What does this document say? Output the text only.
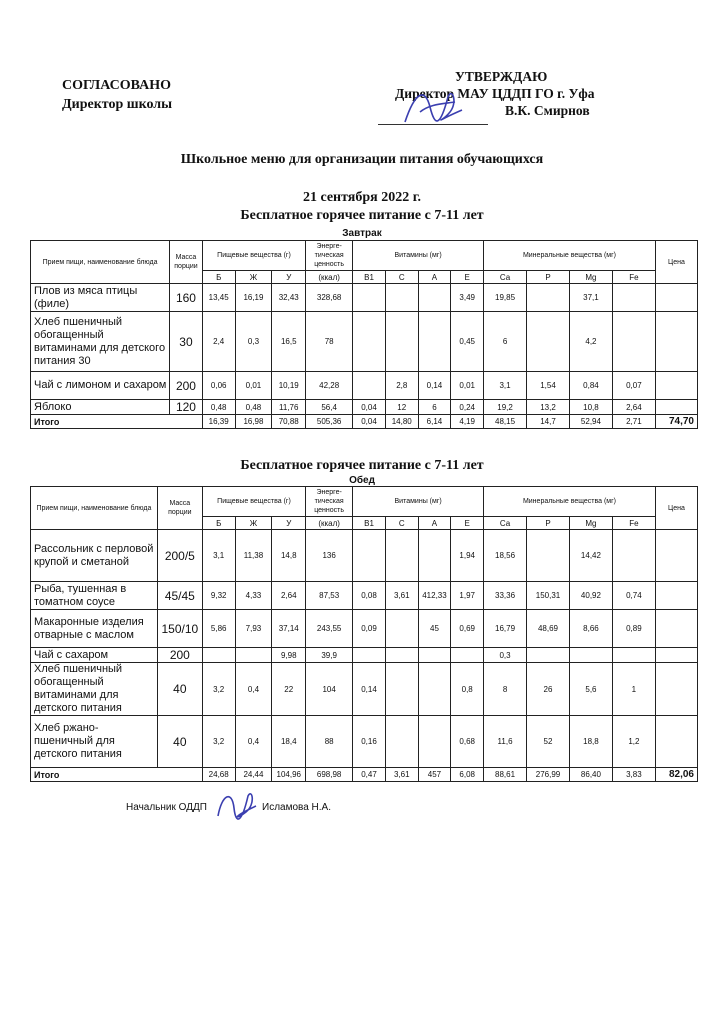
СОГЛАСОВАНО
Директор школы
УТВЕРЖДАЮ
Директор МАУ ЦДДП ГО г. Уфа
В.К. Смирнов
Школьное меню для организации питания обучающихся
21 сентября 2022 г.
Бесплатное горячее питание с 7-11 лет
Завтрак
Прием пищи, наименование блюда	Масса порции	Пищевые вещества (г)			Энерге-тическая ценность	Витамины (мг)				Минеральные вещества (мг)				Цена
		Б	Ж	У	(ккал)	В1	С	А	Е	Ca	P	Mg	Fe	
Плов из мяса птицы (филе)	160	13,45	16,19	32,43	328,68				3,49	19,85		37,1		
Хлеб пшеничный обогащенный витаминами для детского питания 30	30	2,4	0,3	16,5	78				0,45	6		4,2		
Чай с лимоном и сахаром	200	0,06	0,01	10,19	42,28		2,8	0,14	0,01	3,1	1,54	0,84	0,07	
Яблоко	120	0,48	0,48	11,76	56,4	0,04	12	6	0,24	19,2	13,2	10,8	2,64	
Итого		16,39	16,98	70,88	505,36	0,04	14,80	6,14	4,19	48,15	14,7	52,94	2,71	74,70
Бесплатное горячее питание с 7-11 лет
Обед
Прием пищи, наименование блюда	Масса порции	Пищевые вещества (г)			Энерге-тическая ценность	Витамины (мг)				Минеральные вещества (мг)				Цена
		Б	Ж	У	(ккал)	В1	С	А	Е	Ca	P	Mg	Fe	
Рассольник с перловой крупой и сметаной	200/5	3,1	11,38	14,8	136				1,94	18,56		14,42		
Рыба, тушенная в томатном соусе	45/45	9,32	4,33	2,64	87,53	0,08	3,61	412,33	1,97	33,36	150,31	40,92	0,74	
Макаронные изделия отварные с маслом	150/10	5,86	7,93	37,14	243,55	0,09		45	0,69	16,79	48,69	8,66	0,89	
Чай с сахаром	200			9,98	39,9					0,3				
Хлеб пшеничный обогащенный витаминами для детского питания	40	3,2	0,4	22	104	0,14			0,8	8	26	5,6	1	
Хлеб ржано-пшеничный для детского питания	40	3,2	0,4	18,4	88	0,16			0,68	11,6	52	18,8	1,2	
Итого		24,68	24,44	104,96	698,98	0,47	3,61	457	6,08	88,61	276,99	86,40	3,83	82,06
Начальник ОДДП	Исламова Н.А.
